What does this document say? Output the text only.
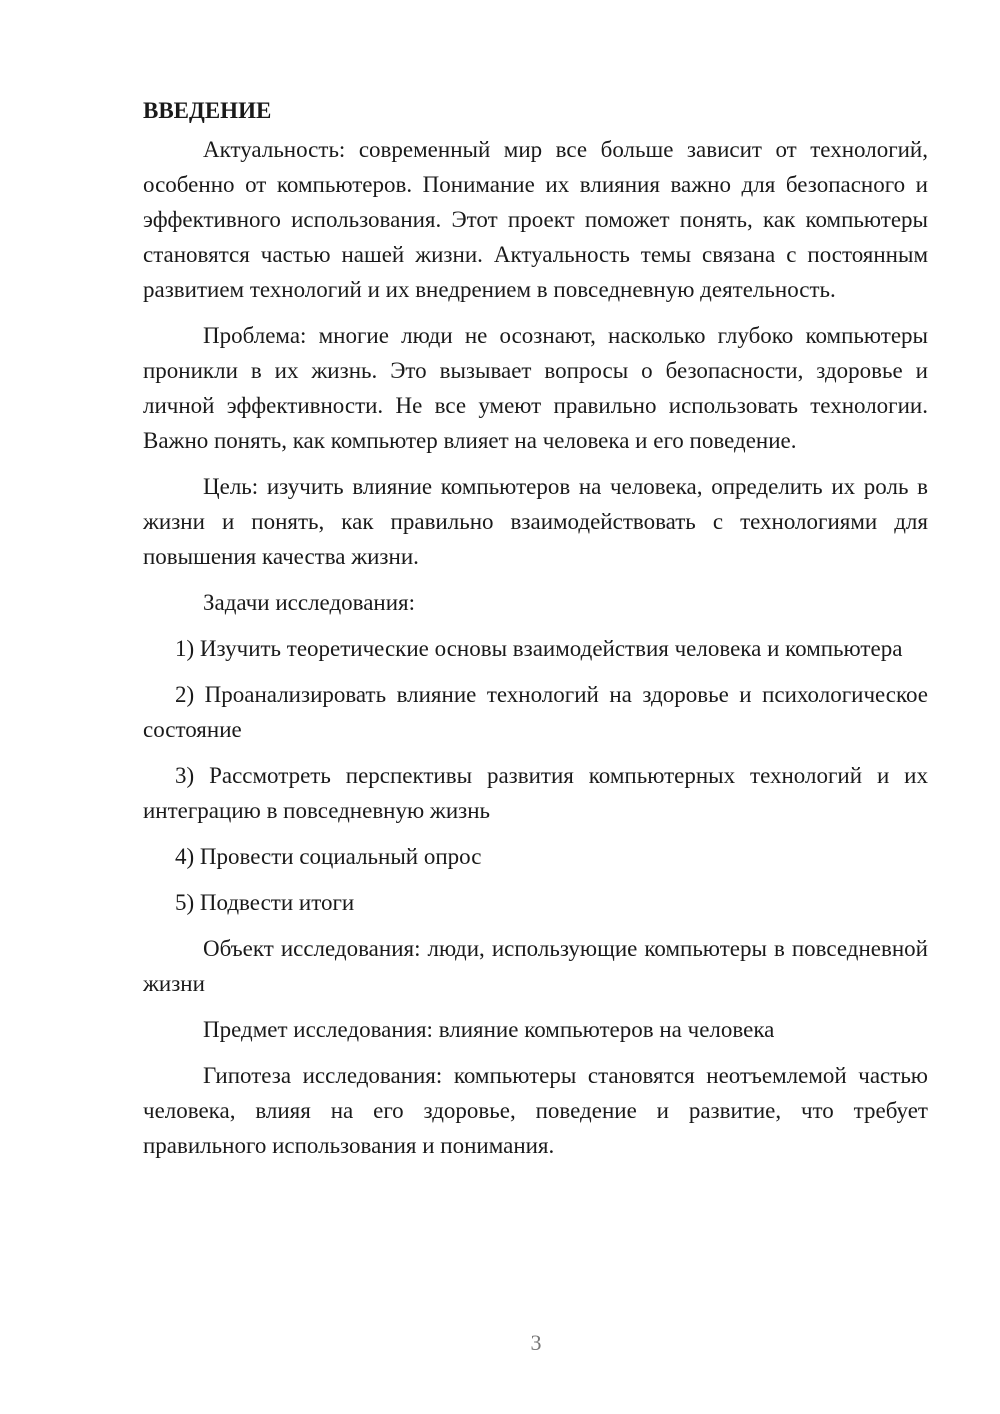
ВВЕДЕНИЕ

Актуальность: современный мир все больше зависит от технологий, особенно от компьютеров. Понимание их влияния важно для безопасного и эффективного использования. Этот проект поможет понять, как компьютеры становятся частью нашей жизни. Актуальность темы связана с постоянным развитием технологий и их внедрением в повседневную деятельность.

Проблема: многие люди не осознают, насколько глубоко компьютеры проникли в их жизнь. Это вызывает вопросы о безопасности, здоровье и личной эффективности. Не все умеют правильно использовать технологии. Важно понять, как компьютер влияет на человека и его поведение.

Цель: изучить влияние компьютеров на человека, определить их роль в жизни и понять, как правильно взаимодействовать с технологиями для повышения качества жизни.

Задачи исследования:

1) Изучить теоретические основы взаимодействия человека и компьютера

2) Проанализировать влияние технологий на здоровье и психологическое состояние

3) Рассмотреть перспективы развития компьютерных технологий и их интеграцию в повседневную жизнь

4) Провести социальный опрос

5) Подвести итоги

Объект исследования: люди, использующие компьютеры в повседневной жизни

Предмет исследования: влияние компьютеров на человека

Гипотеза исследования: компьютеры становятся неотъемлемой частью человека, влияя на его здоровье, поведение и развитие, что требует правильного использования и понимания.

3
